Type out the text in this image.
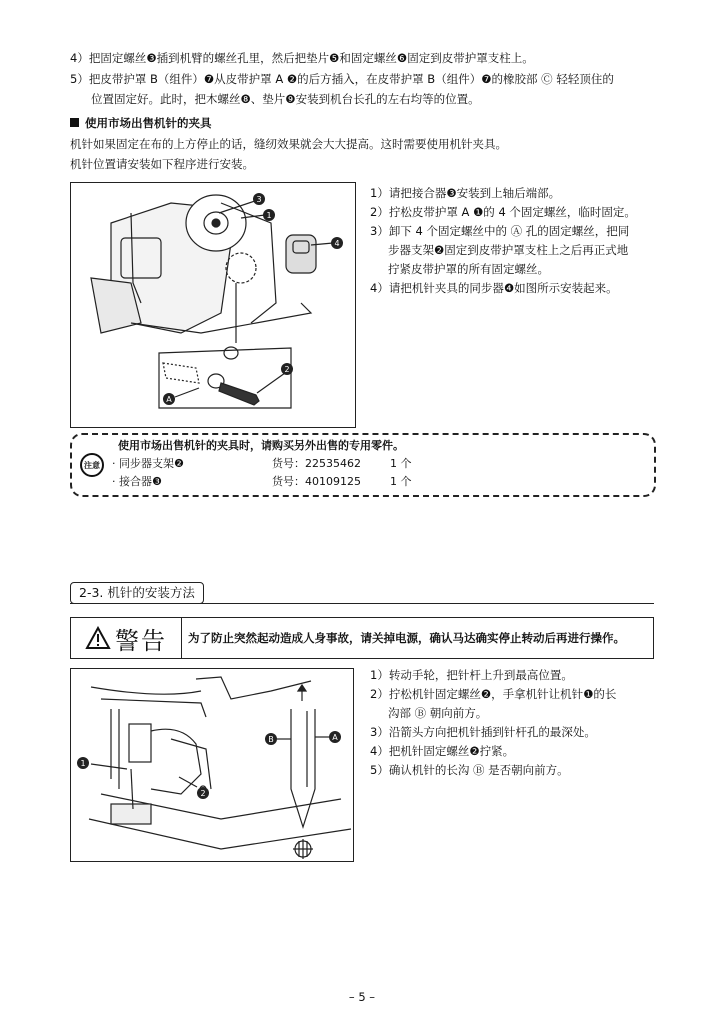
4）把固定螺丝❸插到机臂的螺丝孔里，然后把垫片❺和固定螺丝❻固定到皮带护罩支柱上。
5）把皮带护罩 B（组件）❼从皮带护罩 A ❷的后方插入，在皮带护罩 B（组件）❼的橡胶部 Ⓒ 轻轻顶住的
位置固定好。此时，把木螺丝❽、垫片❾安装到机台长孔的左右均等的位置。
使用市场出售机针的夹具
机针如果固定在布的上方停止的话，缝纫效果就会大大提高。这时需要使用机针夹具。
机针位置请安装如下程序进行安装。
3
1
4
2
A
1）请把接合器❸安装到上轴后端部。
2）拧松皮带护罩 A ❶的 4 个固定螺丝，临时固定。
3）卸下 4 个固定螺丝中的 Ⓐ 孔的固定螺丝，把同
步器支架❷固定到皮带护罩支柱上之后再正式地
拧紧皮带护罩的所有固定螺丝。
4）请把机针夹具的同步器❹如图所示安装起来。
注意
使用市场出售机针的夹具时，请购买另外出售的专用零件。
· 同步器支架❷	货号：22535462	1 个
· 接合器❸	货号：40109125	1 个
2-3. 机针的安装方法
警告	为了防止突然起动造成人身事故，请关掉电源，确认马达确实停止转动后再进行操作。
1
2
B	A
1）转动手轮，把针杆上升到最高位置。
2）拧松机针固定螺丝❷，手拿机针让机针❶的长
沟部 Ⓑ 朝向前方。
3）沿箭头方向把机针插到针杆孔的最深处。
4）把机针固定螺丝❷拧紧。
5）确认机针的长沟 Ⓑ 是否朝向前方。
– 5 –
